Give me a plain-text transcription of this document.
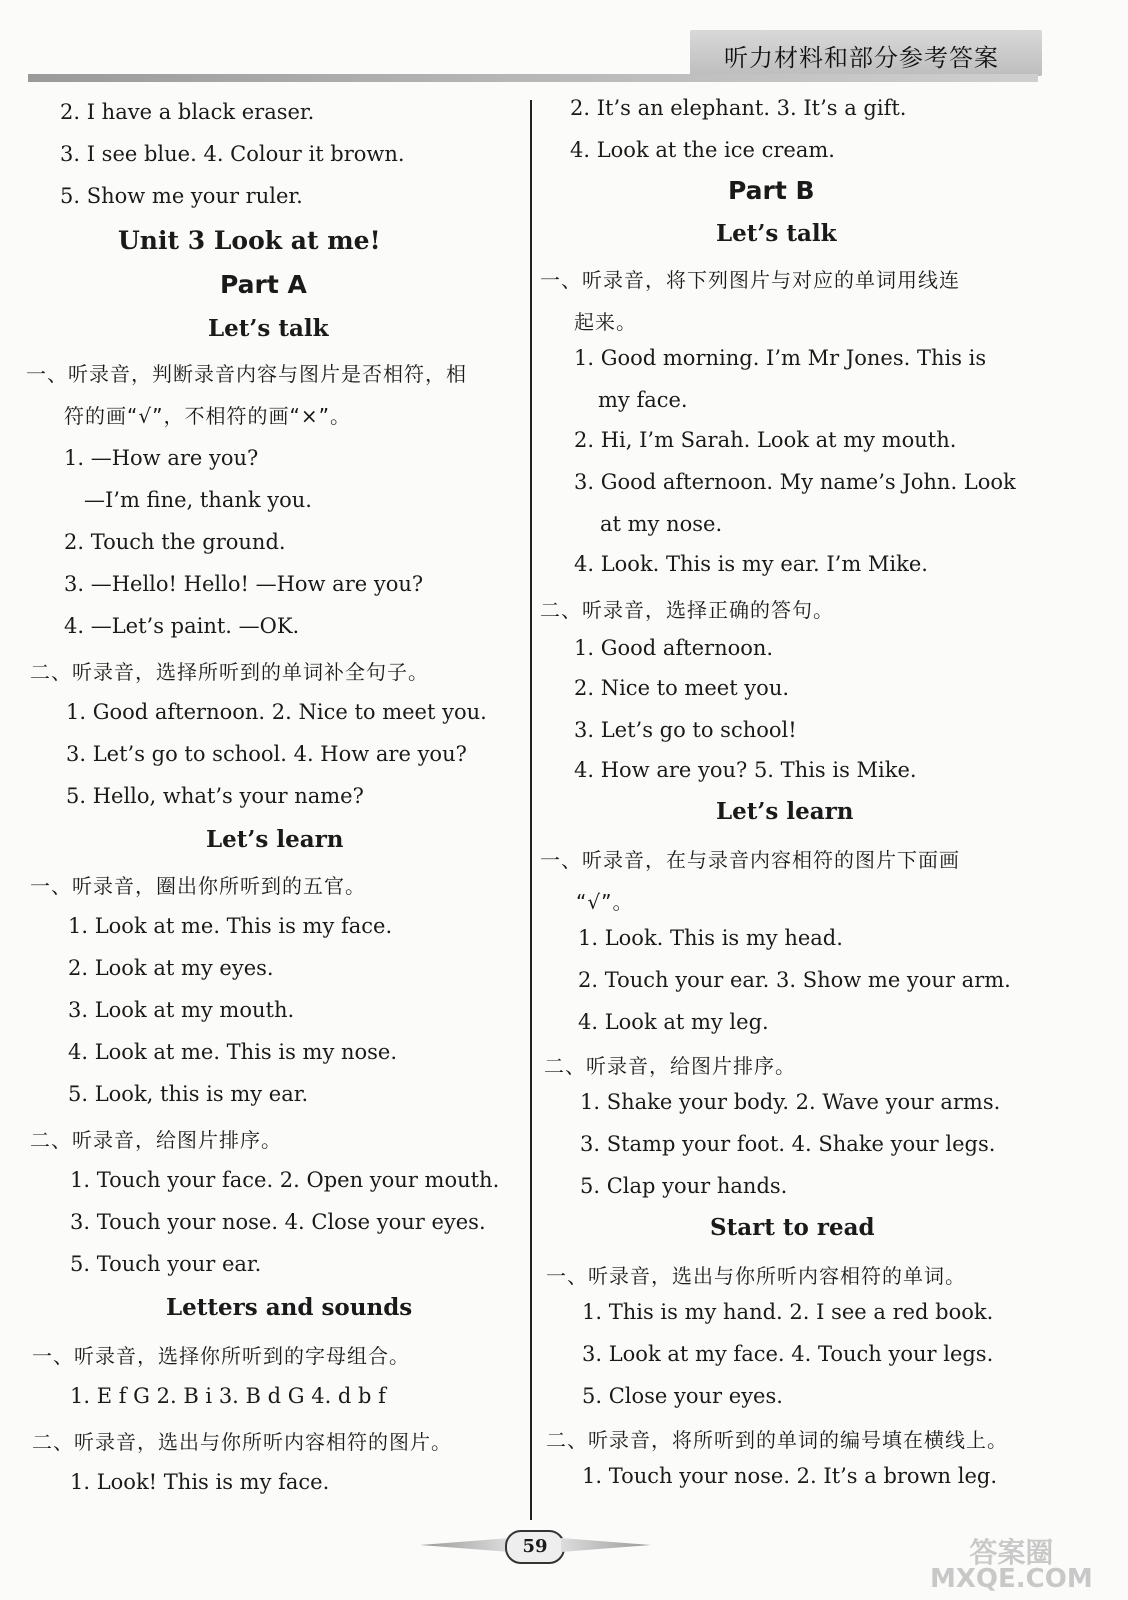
听力材料和部分参考答案
2. I have a black eraser.
3. I see blue. 4. Colour it brown.
5. Show me your ruler.
Unit 3 Look at me!
Part A
Let’s talk
一、听录音，判断录音内容与图片是否相符，相
符的画“√”，不相符的画“×”。
1. —How are you?
—I’m fine, thank you.
2. Touch the ground.
3. —Hello! Hello! —How are you?
4. —Let’s paint. —OK.
二、听录音，选择所听到的单词补全句子。
1. Good afternoon. 2. Nice to meet you.
3. Let’s go to school. 4. How are you?
5. Hello, what’s your name?
Let’s learn
一、听录音，圈出你所听到的五官。
1. Look at me. This is my face.
2. Look at my eyes.
3. Look at my mouth.
4. Look at me. This is my nose.
5. Look, this is my ear.
二、听录音，给图片排序。
1. Touch your face. 2. Open your mouth.
3. Touch your nose. 4. Close your eyes.
5. Touch your ear.
Letters and sounds
一、听录音，选择你所听到的字母组合。
1. E f G 2. B i 3. B d G 4. d b f
二、听录音，选出与你所听内容相符的图片。
1. Look! This is my face.
2. It’s an elephant. 3. It’s a gift.
4. Look at the ice cream.
Part B
Let’s talk
一、听录音，将下列图片与对应的单词用线连
起来。
1. Good morning. I’m Mr Jones. This is
my face.
2. Hi, I’m Sarah. Look at my mouth.
3. Good afternoon. My name’s John. Look
at my nose.
4. Look. This is my ear. I’m Mike.
二、听录音，选择正确的答句。
1. Good afternoon.
2. Nice to meet you.
3. Let’s go to school!
4. How are you? 5. This is Mike.
Let’s learn
一、听录音，在与录音内容相符的图片下面画
“√”。
1. Look. This is my head.
2. Touch your ear. 3. Show me your arm.
4. Look at my leg.
二、听录音，给图片排序。
1. Shake your body. 2. Wave your arms.
3. Stamp your foot. 4. Shake your legs.
5. Clap your hands.
Start to read
一、听录音，选出与你所听内容相符的单词。
1. This is my hand. 2. I see a red book.
3. Look at my face. 4. Touch your legs.
5. Close your eyes.
二、听录音，将所听到的单词的编号填在横线上。
1. Touch your nose. 2. It’s a brown leg.
59	答案圈
MXQE.COM
